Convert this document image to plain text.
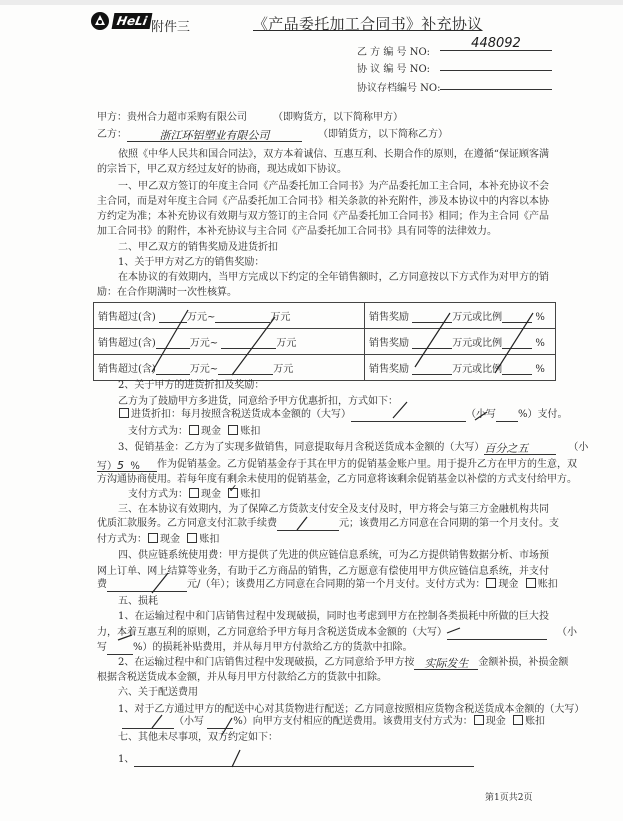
HeLi 附件三	《产品委托加工合同书》补充协议
乙 方 编 号 NO:
448092
协 议 编 号 NO:
协议存档编号 NO:
甲方：贵州合力超市采购有限公司	（即购货方，以下简称甲方）
乙方：	浙江环铝塑业有限公司	（即销货方，以下简称乙方）
依照《中华人民共和国合同法》，双方本着诚信、互惠互利、长期合作的原则，在遵循“保证顾客满
的宗旨下，甲乙双方经过友好的协商，现达成如下协议。
一、甲乙双方签订的年度主合同《产品委托加工合同书》为产品委托加工主合同，本补充协议不会
主合同，而是对年度主合同《产品委托加工合同书》相关条款的补充附件，涉及本协议中的内容以本协
方约定为准；本补充协议有效期与双方签订的主合同《产品委托加工合同书》相同；作为主合同《产品
加工合同书》的附件，本补充协议与主合同《产品委托加工合同书》具有同等的法律效力。
二、甲乙双方的销售奖励及进货折扣
1、关于甲方对乙方的销售奖励：
在本协议的有效期内，当甲方完成以下约定的全年销售额时，乙方同意按以下方式作为对甲方的销
励：在合作期满时一次性核算。
销售超过(含) 万元~ 万元	销售奖励 万元或比例 %
销售超过(含) 万元~ 万元	销售奖励 万元或比例 %
销售超过(含) 万元~ 万元	销售奖励 万元或比例 %
2、关于甲方的进货折扣及奖励：
乙方为了鼓励甲方多进货，同意给予甲方优惠折扣，方式如下：
进货折扣：每月按照含税送货成本金额的（大写）	（小写 %）支付。
支付方式为： 现金 账扣
3、促销基金：乙方为了实现多做销售，同意提取每月含税送货成本金额的（大写）百分之五	（小
写）5 % 作为促销基金。乙方促销基金存于其在甲方的促销基金账户里。用于提升乙方在甲方的生意，双
方沟通协商使用。若每年度有剩余未使用的促销基金，乙方同意将该剩余促销基金以补偿的方式支付给甲方。
支付方式为： 现金 ✓ 账扣
三、在本协议有效期内，为了保障乙方货款支付安全及支付及时，甲方将会与第三方金融机构共同
优质汇款服务。乙方同意支付汇款手续费	元；该费用乙方同意在合同期的第一个月支付。支
付方式为： 现金 账扣
四、供应链系统使用费：甲方提供了先进的供应链信息系统，可为乙方提供销售数据分析、市场预
网上订单、网上结算等业务，有助于乙方商品的销售，乙方愿意有偿使用甲方供应链信息系统，并支付
费	元/（年）；该费用乙方同意在合同期的第一个月支付。支付方式为： 现金 账扣
五、损耗
1、在运输过程中和门店销售过程中发现破损，同时也考虑到甲方在控制各类损耗中所做的巨大投
力，本着互惠互利的原则，乙方同意给予甲方每月含税送货成本金额的（大写）	（小
写	%）的损耗补贴费用，并从每月甲方付款给乙方的货款中扣除。
2、在运输过程中和门店销售过程中发现破损，乙方同意给予甲方按 实际发生 金额补损，补损金额
根据含税送货成本金额，并从每月甲方付款给乙方的货款中扣除。
六、关于配送费用
1、对于乙方通过甲方的配送中心对其货物进行配送；乙方同意按照相应货物含税送货成本金额的（大写）
（小写	%）向甲方支付相应的配送费用。该费用支付方式为： 现金 账扣
七、其他未尽事项，双方约定如下：
1、
第1页共2页
